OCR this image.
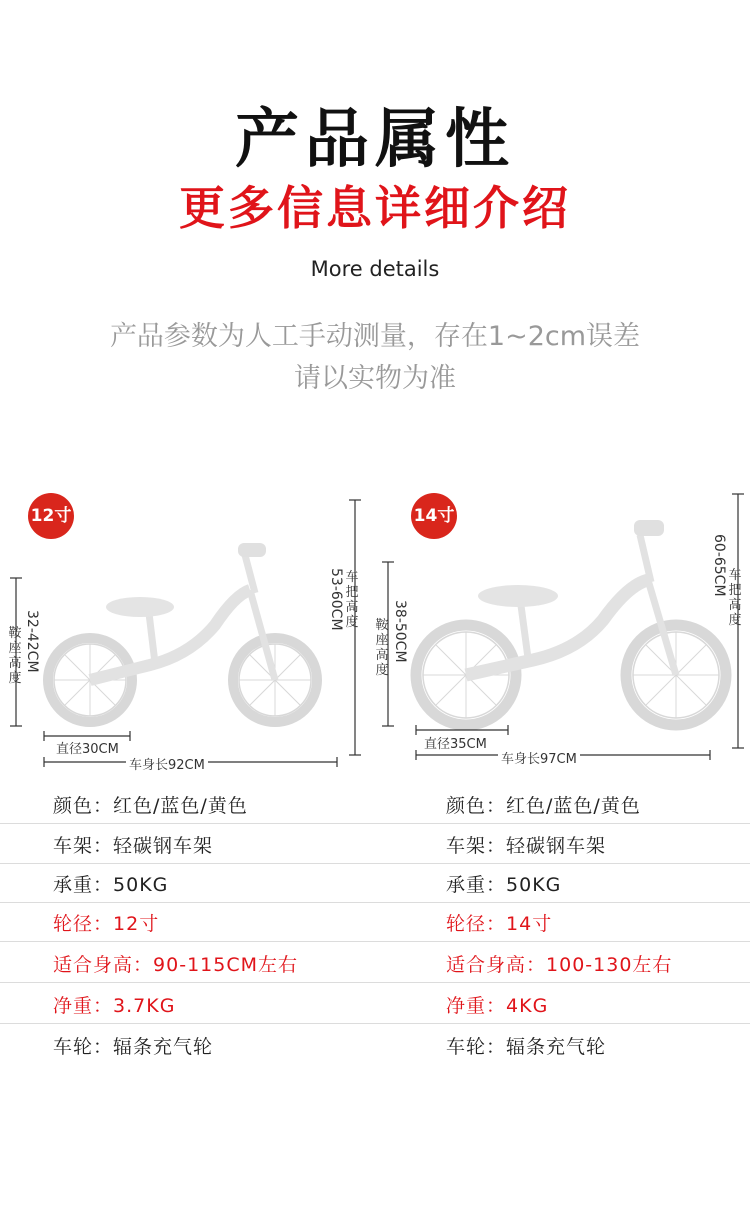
产品属性
更多信息详细介绍
More details
产品参数为人工手动测量，存在1~2cm误差
请以实物为准
12寸
车把高度
53-60CM
鞍座高度
32-42CM
直径30CM
车身长92CM
14寸
车把高度
60-65CM
鞍座高度
38-50CM
直径35CM
车身长97CM
颜色：红色/蓝色/黄色	颜色：红色/蓝色/黄色
车架：轻碳钢车架	车架：轻碳钢车架
承重：50KG	承重：50KG
轮径：12寸	轮径：14寸
适合身高：90-115CM左右	适合身高：100-130左右
净重：3.7KG	净重：4KG
车轮：辐条充气轮	车轮：辐条充气轮
